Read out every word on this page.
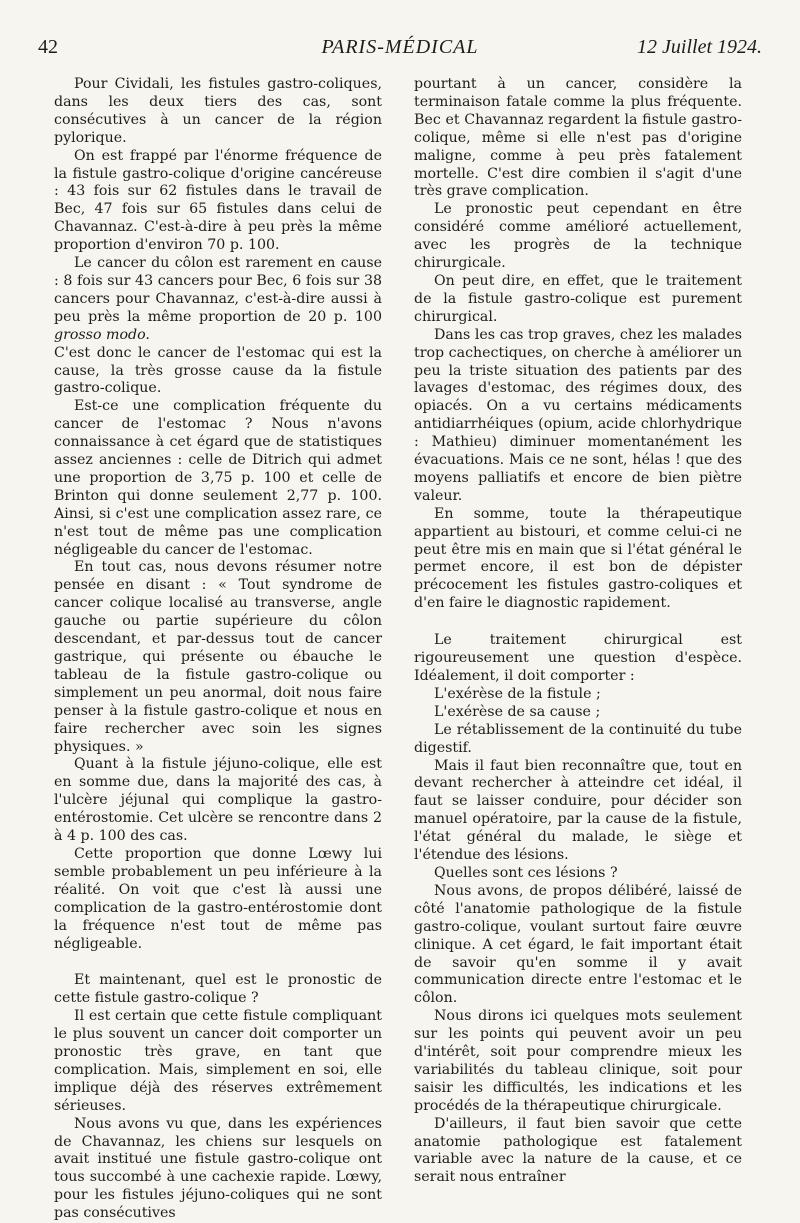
42	PARIS-MÉDICAL	12 Juillet 1924.

Pour Cividali, les fistules gastro-coliques, dans les deux tiers des cas, sont consécutives à un cancer de la région pylorique.

On est frappé par l'énorme fréquence de la fistule gastro-colique d'origine cancéreuse : 43 fois sur 62 fistules dans le travail de Bec, 47 fois sur 65 fistules dans celui de Chavannaz. C'est-à-dire à peu près la même proportion d'environ 70 p. 100.

Le cancer du côlon est rarement en cause : 8 fois sur 43 cancers pour Bec, 6 fois sur 38 cancers pour Chavannaz, c'est-à-dire aussi à peu près la même proportion de 20 p. 100 grosso modo.

C'est donc le cancer de l'estomac qui est la cause, la très grosse cause da la fistule gastro-colique.

Est-ce une complication fréquente du cancer de l'estomac ? Nous n'avons connaissance à cet égard que de statistiques assez anciennes : celle de Ditrich qui admet une proportion de 3,75 p. 100 et celle de Brinton qui donne seulement 2,77 p. 100. Ainsi, si c'est une complication assez rare, ce n'est tout de même pas une complication négligeable du cancer de l'estomac.

En tout cas, nous devons résumer notre pensée en disant : « Tout syndrome de cancer colique localisé au transverse, angle gauche ou partie supérieure du côlon descendant, et par-dessus tout de cancer gastrique, qui présente ou ébauche le tableau de la fistule gastro-colique ou simplement un peu anormal, doit nous faire penser à la fistule gastro-colique et nous en faire rechercher avec soin les signes physiques. »

Quant à la fistule jéjuno-colique, elle est en somme due, dans la majorité des cas, à l'ulcère jéjunal qui complique la gastro-entérostomie. Cet ulcère se rencontre dans 2 à 4 p. 100 des cas.

Cette proportion que donne Lœwy lui semble probablement un peu inférieure à la réalité. On voit que c'est là aussi une complication de la gastro-entérostomie dont la fréquence n'est tout de même pas négligeable.

Et maintenant, quel est le pronostic de cette fistule gastro-colique ?

Il est certain que cette fistule compliquant le plus souvent un cancer doit comporter un pronostic très grave, en tant que complication. Mais, simplement en soi, elle implique déjà des réserves extrêmement sérieuses.

Nous avons vu que, dans les expériences de Chavannaz, les chiens sur lesquels on avait institué une fistule gastro-colique ont tous succombé à une cachexie rapide. Lœwy, pour les fistules jéjuno-coliques qui ne sont pas consécutives

pourtant à un cancer, considère la terminaison fatale comme la plus fréquente. Bec et Chavannaz regardent la fistule gastro-colique, même si elle n'est pas d'origine maligne, comme à peu près fatalement mortelle. C'est dire combien il s'agit d'une très grave complication.

Le pronostic peut cependant en être considéré comme amélioré actuellement, avec les progrès de la technique chirurgicale.

On peut dire, en effet, que le traitement de la fistule gastro-colique est purement chirurgical.

Dans les cas trop graves, chez les malades trop cachectiques, on cherche à améliorer un peu la triste situation des patients par des lavages d'estomac, des régimes doux, des opiacés. On a vu certains médicaments antidiarrhéiques (opium, acide chlorhydrique : Mathieu) diminuer momentanément les évacuations. Mais ce ne sont, hélas ! que des moyens palliatifs et encore de bien piètre valeur.

En somme, toute la thérapeutique appartient au bistouri, et comme celui-ci ne peut être mis en main que si l'état général le permet encore, il est bon de dépister précocement les fistules gastro-coliques et d'en faire le diagnostic rapidement.

Le traitement chirurgical est rigoureusement une question d'espèce. Idéalement, il doit comporter :

L'exérèse de la fistule ;
L'exérèse de sa cause ;
Le rétablissement de la continuité du tube digestif.

Mais il faut bien reconnaître que, tout en devant rechercher à atteindre cet idéal, il faut se laisser conduire, pour décider son manuel opératoire, par la cause de la fistule, l'état général du malade, le siège et l'étendue des lésions.

Quelles sont ces lésions ?

Nous avons, de propos délibéré, laissé de côté l'anatomie pathologique de la fistule gastro-colique, voulant surtout faire œuvre clinique. A cet égard, le fait important était de savoir qu'en somme il y avait communication directe entre l'estomac et le côlon.

Nous dirons ici quelques mots seulement sur les points qui peuvent avoir un peu d'intérêt, soit pour comprendre mieux les variabilités du tableau clinique, soit pour saisir les difficultés, les indications et les procédés de la thérapeutique chirurgicale.

D'ailleurs, il faut bien savoir que cette anatomie pathologique est fatalement variable avec la nature de la cause, et ce serait nous entraîner
